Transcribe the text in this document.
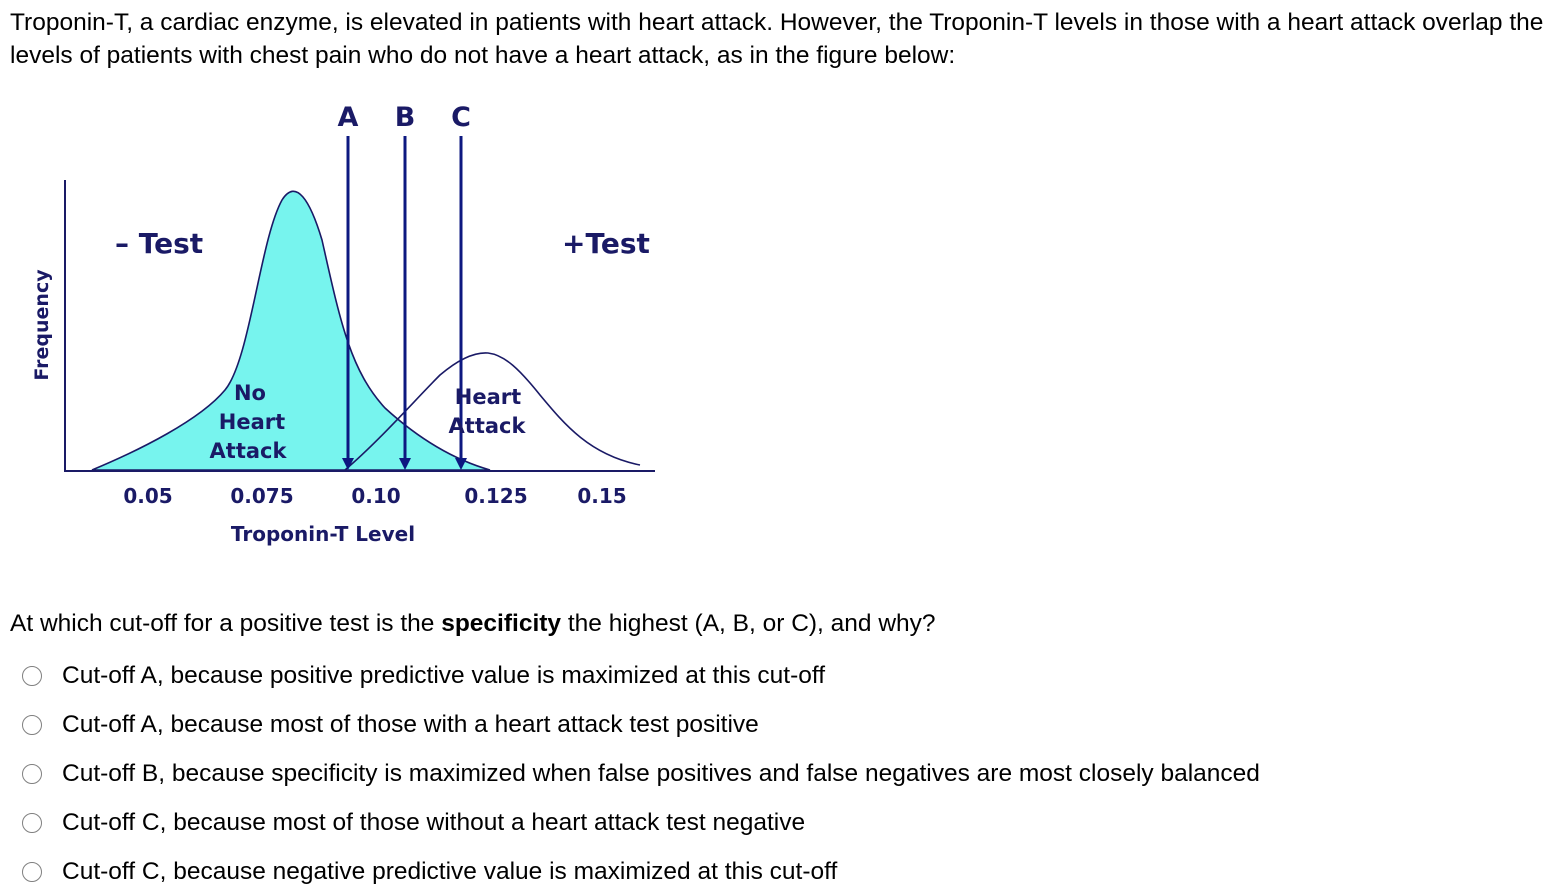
Troponin-T, a cardiac enzyme, is elevated in patients with heart attack. However, the Troponin-T levels in those with a heart attack overlap the levels of patients with chest pain who do not have a heart attack, as in the figure below:

A B C
– Test	+Test
No
Heart
Attack
Heart
Attack
Frequency
0.05	0.075	0.10	0.125 0.15
Troponin-T Level

At which cut-off for a positive test is the specificity the highest (A, B, or C), and why?

Cut-off A, because positive predictive value is maximized at this cut-off
Cut-off A, because most of those with a heart attack test positive
Cut-off B, because specificity is maximized when false positives and false negatives are most closely balanced
Cut-off C, because most of those without a heart attack test negative
Cut-off C, because negative predictive value is maximized at this cut-off
